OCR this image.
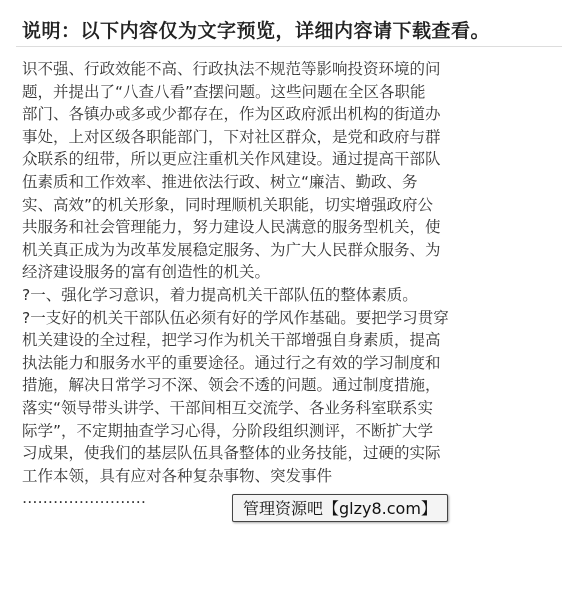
说明：以下内容仅为文字预览，详细内容请下载查看。
识不强、行政效能不高、行政执法不规范等影响投资环境的问
题，并提出了“八查八看”查摆问题。这些问题在全区各职能
部门、各镇办或多或少都存在，作为区政府派出机构的街道办
事处，上对区级各职能部门，下对社区群众，是党和政府与群
众联系的纽带，所以更应注重机关作风建设。通过提高干部队
伍素质和工作效率、推进依法行政、树立“廉洁、勤政、务
实、高效”的机关形象，同时理顺机关职能，切实增强政府公
共服务和社会管理能力，努力建设人民满意的服务型机关，使
机关真正成为为改革发展稳定服务、为广大人民群众服务、为
经济建设服务的富有创造性的机关。
?一、强化学习意识，着力提高机关干部队伍的整体素质。
?一支好的机关干部队伍必须有好的学风作基础。要把学习贯穿
机关建设的全过程，把学习作为机关干部增强自身素质，提高
执法能力和服务水平的重要途径。通过行之有效的学习制度和
措施，解决日常学习不深、领会不透的问题。通过制度措施，
落实“领导带头讲学、干部间相互交流学、各业务科室联系实
际学”，不定期抽查学习心得，分阶段组织测评，不断扩大学
习成果，使我们的基层队伍具备整体的业务技能，过硬的实际
工作本领，具有应对各种复杂事物、突发事件
……………………
管理资源吧【glzy8.com】
